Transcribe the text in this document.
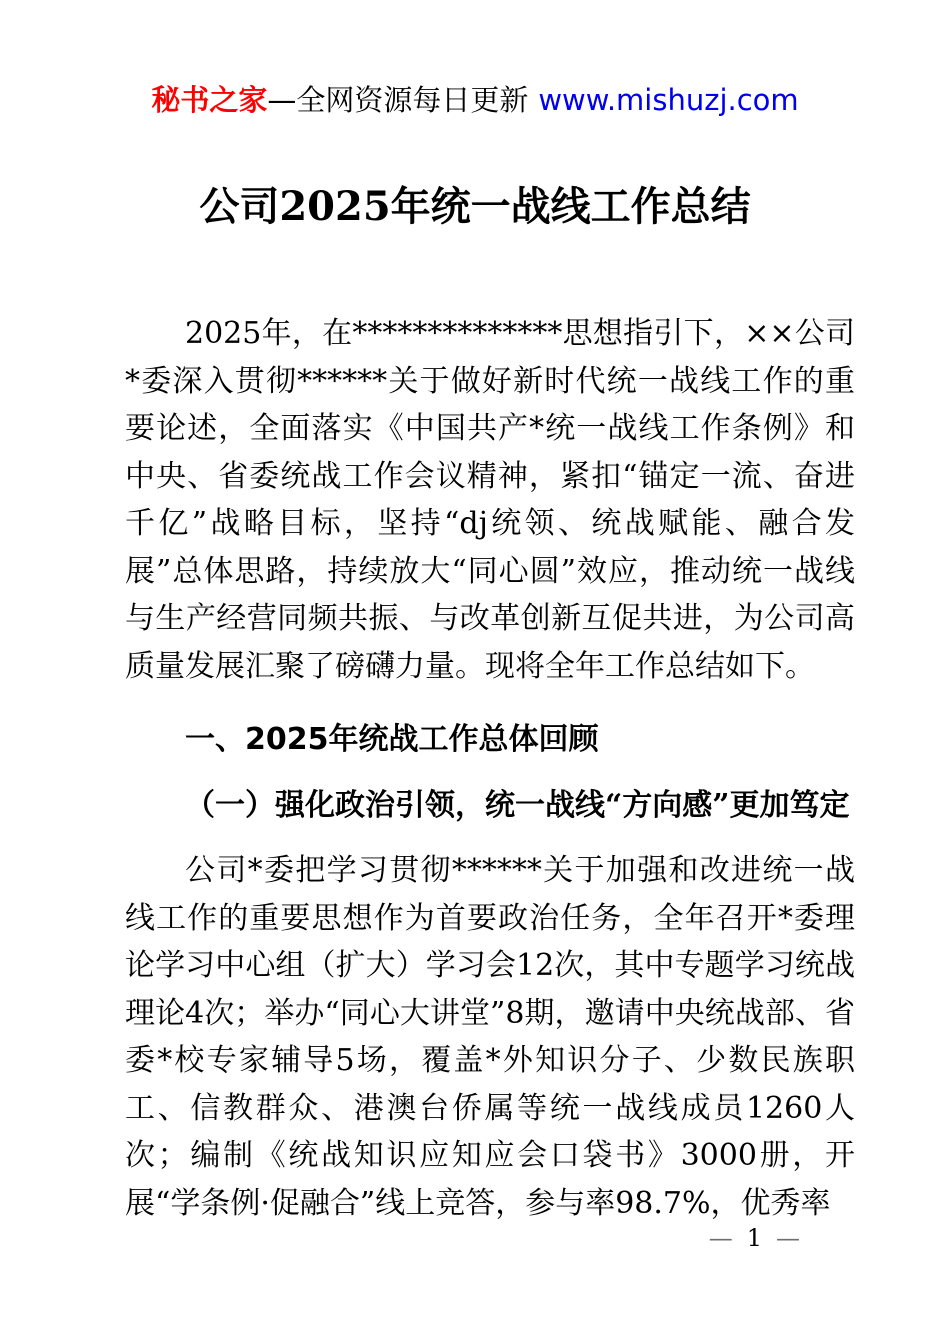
秘书之家—全网资源每日更新 www.mishuzj.com
公司2025年统一战线工作总结

2025年，在**************思想指引下，××公司*委深入贯彻******关于做好新时代统一战线工作的重要论述，全面落实《中国共产*统一战线工作条例》和中央、省委统战工作会议精神，紧扣“锚定一流、奋进千亿”战略目标，坚持“dj统领、统战赋能、融合发展”总体思路，持续放大“同心圆”效应，推动统一战线与生产经营同频共振、与改革创新互促共进，为公司高质量发展汇聚了磅礴力量。现将全年工作总结如下。

一、2025年统战工作总体回顾
（一）强化政治引领，统一战线“方向感”更加笃定

公司*委把学习贯彻******关于加强和改进统一战线工作的重要思想作为首要政治任务，全年召开*委理论学习中心组（扩大）学习会12次，其中专题学习统战理论4次；举办“同心大讲堂”8期，邀请中央统战部、省委*校专家辅导5场，覆盖*外知识分子、少数民族职工、信教群众、港澳台侨属等统一战线成员1260人次；编制《统战知识应知应会口袋书》3000册，开展“学条例·促融合”线上竞答，参与率98.7%，优秀率

— 1 —
